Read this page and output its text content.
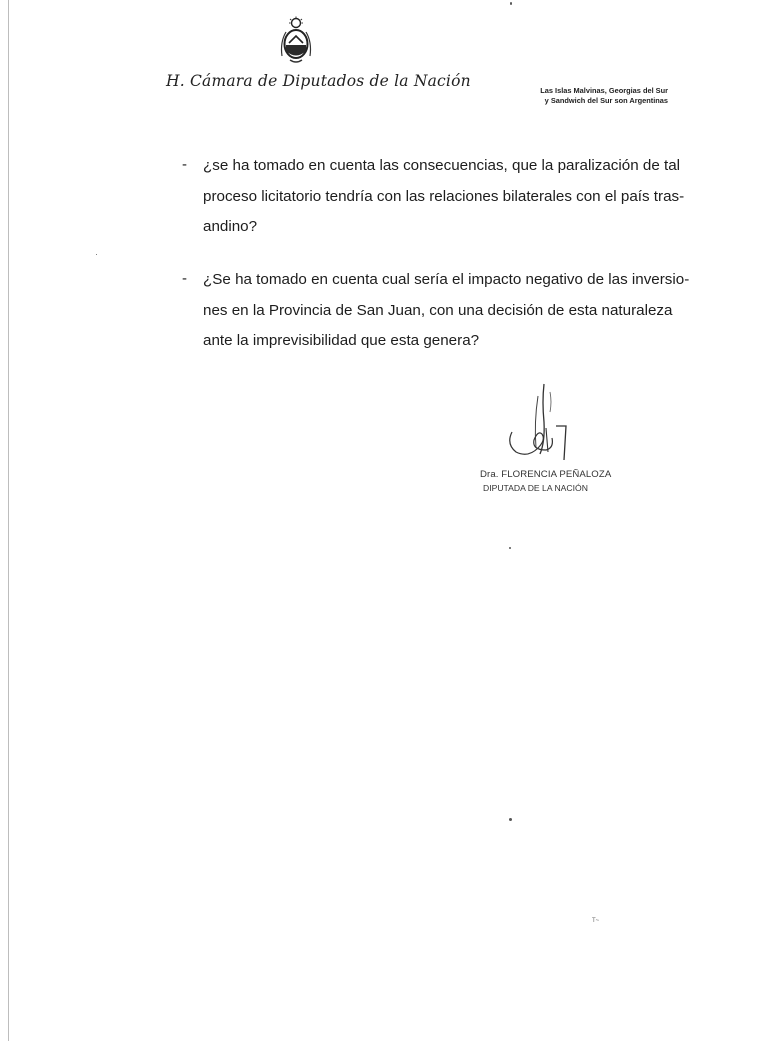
H. Cámara de Diputados de la Nación
Las Islas Malvinas, Georgias del Sur
y Sandwich del Sur son Argentinas
- ¿se ha tomado en cuenta las consecuencias, que la paralización de tal
proceso licitatorio tendría con las relaciones bilaterales con el país tras-
andino?
- ¿Se ha tomado en cuenta cual sería el impacto negativo de las inversio-
nes en la Provincia de San Juan, con una decisión de esta naturaleza
ante la imprevisibilidad que esta genera?
Dra. FLORENCIA PEÑALOZA
DIPUTADA DE LA NACIÓN
T~
